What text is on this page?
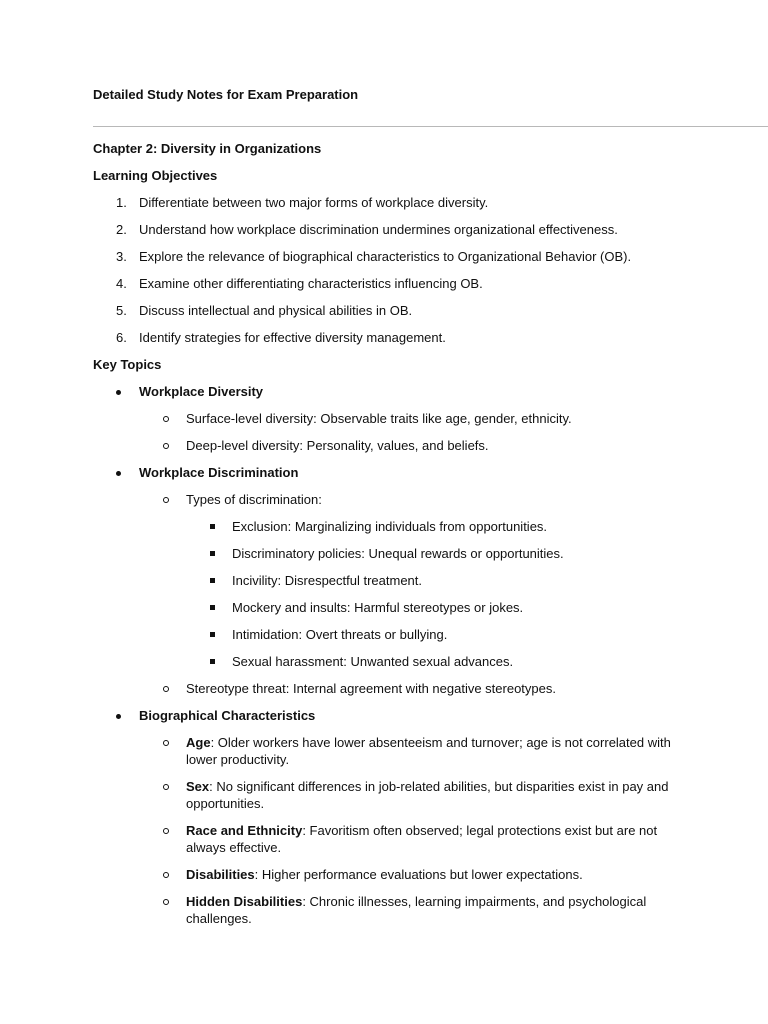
Detailed Study Notes for Exam Preparation
Chapter 2: Diversity in Organizations
Learning Objectives
1. Differentiate between two major forms of workplace diversity.
2. Understand how workplace discrimination undermines organizational effectiveness.
3. Explore the relevance of biographical characteristics to Organizational Behavior (OB).
4. Examine other differentiating characteristics influencing OB.
5. Discuss intellectual and physical abilities in OB.
6. Identify strategies for effective diversity management.
Key Topics
Workplace Diversity
Surface-level diversity: Observable traits like age, gender, ethnicity.
Deep-level diversity: Personality, values, and beliefs.
Workplace Discrimination
Types of discrimination:
Exclusion: Marginalizing individuals from opportunities.
Discriminatory policies: Unequal rewards or opportunities.
Incivility: Disrespectful treatment.
Mockery and insults: Harmful stereotypes or jokes.
Intimidation: Overt threats or bullying.
Sexual harassment: Unwanted sexual advances.
Stereotype threat: Internal agreement with negative stereotypes.
Biographical Characteristics
Age: Older workers have lower absenteeism and turnover; age is not correlated with lower productivity.
Sex: No significant differences in job-related abilities, but disparities exist in pay and opportunities.
Race and Ethnicity: Favoritism often observed; legal protections exist but are not always effective.
Disabilities: Higher performance evaluations but lower expectations.
Hidden Disabilities: Chronic illnesses, learning impairments, and psychological challenges.
